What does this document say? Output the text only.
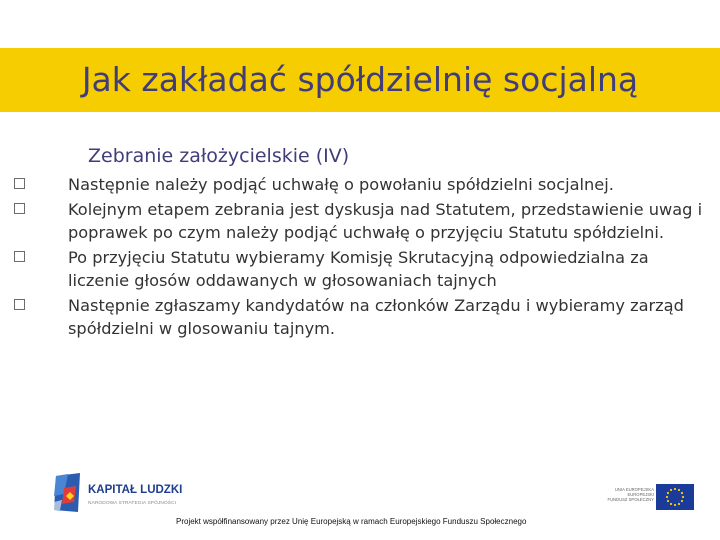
Jak zakładać spółdzielnię socjalną
Zebranie założycielskie (IV)
Następnie należy podjąć uchwałę o powołaniu spółdzielni socjalnej.
Kolejnym etapem zebrania jest dyskusja nad Statutem, przedstawienie uwag i poprawek po czym należy podjąć uchwałę o przyjęciu Statutu spółdzielni.
Po przyjęciu Statutu wybieramy Komisję Skrutacyjną odpowiedzialna za liczenie głosów oddawanych w głosowaniach tajnych
Następnie zgłaszamy kandydatów na członków Zarządu i wybieramy zarząd spółdzielni w glosowaniu tajnym.
KAPITAŁ LUDZKI
NARODOWA STRATEGIA SPÓJNOŚCI
UNIA EUROPEJSKA
EUROPEJSKI
FUNDUSZ SPOŁECZNY
Projekt współfinansowany przez Unię Europejską w ramach Europejskiego Funduszu Społecznego
